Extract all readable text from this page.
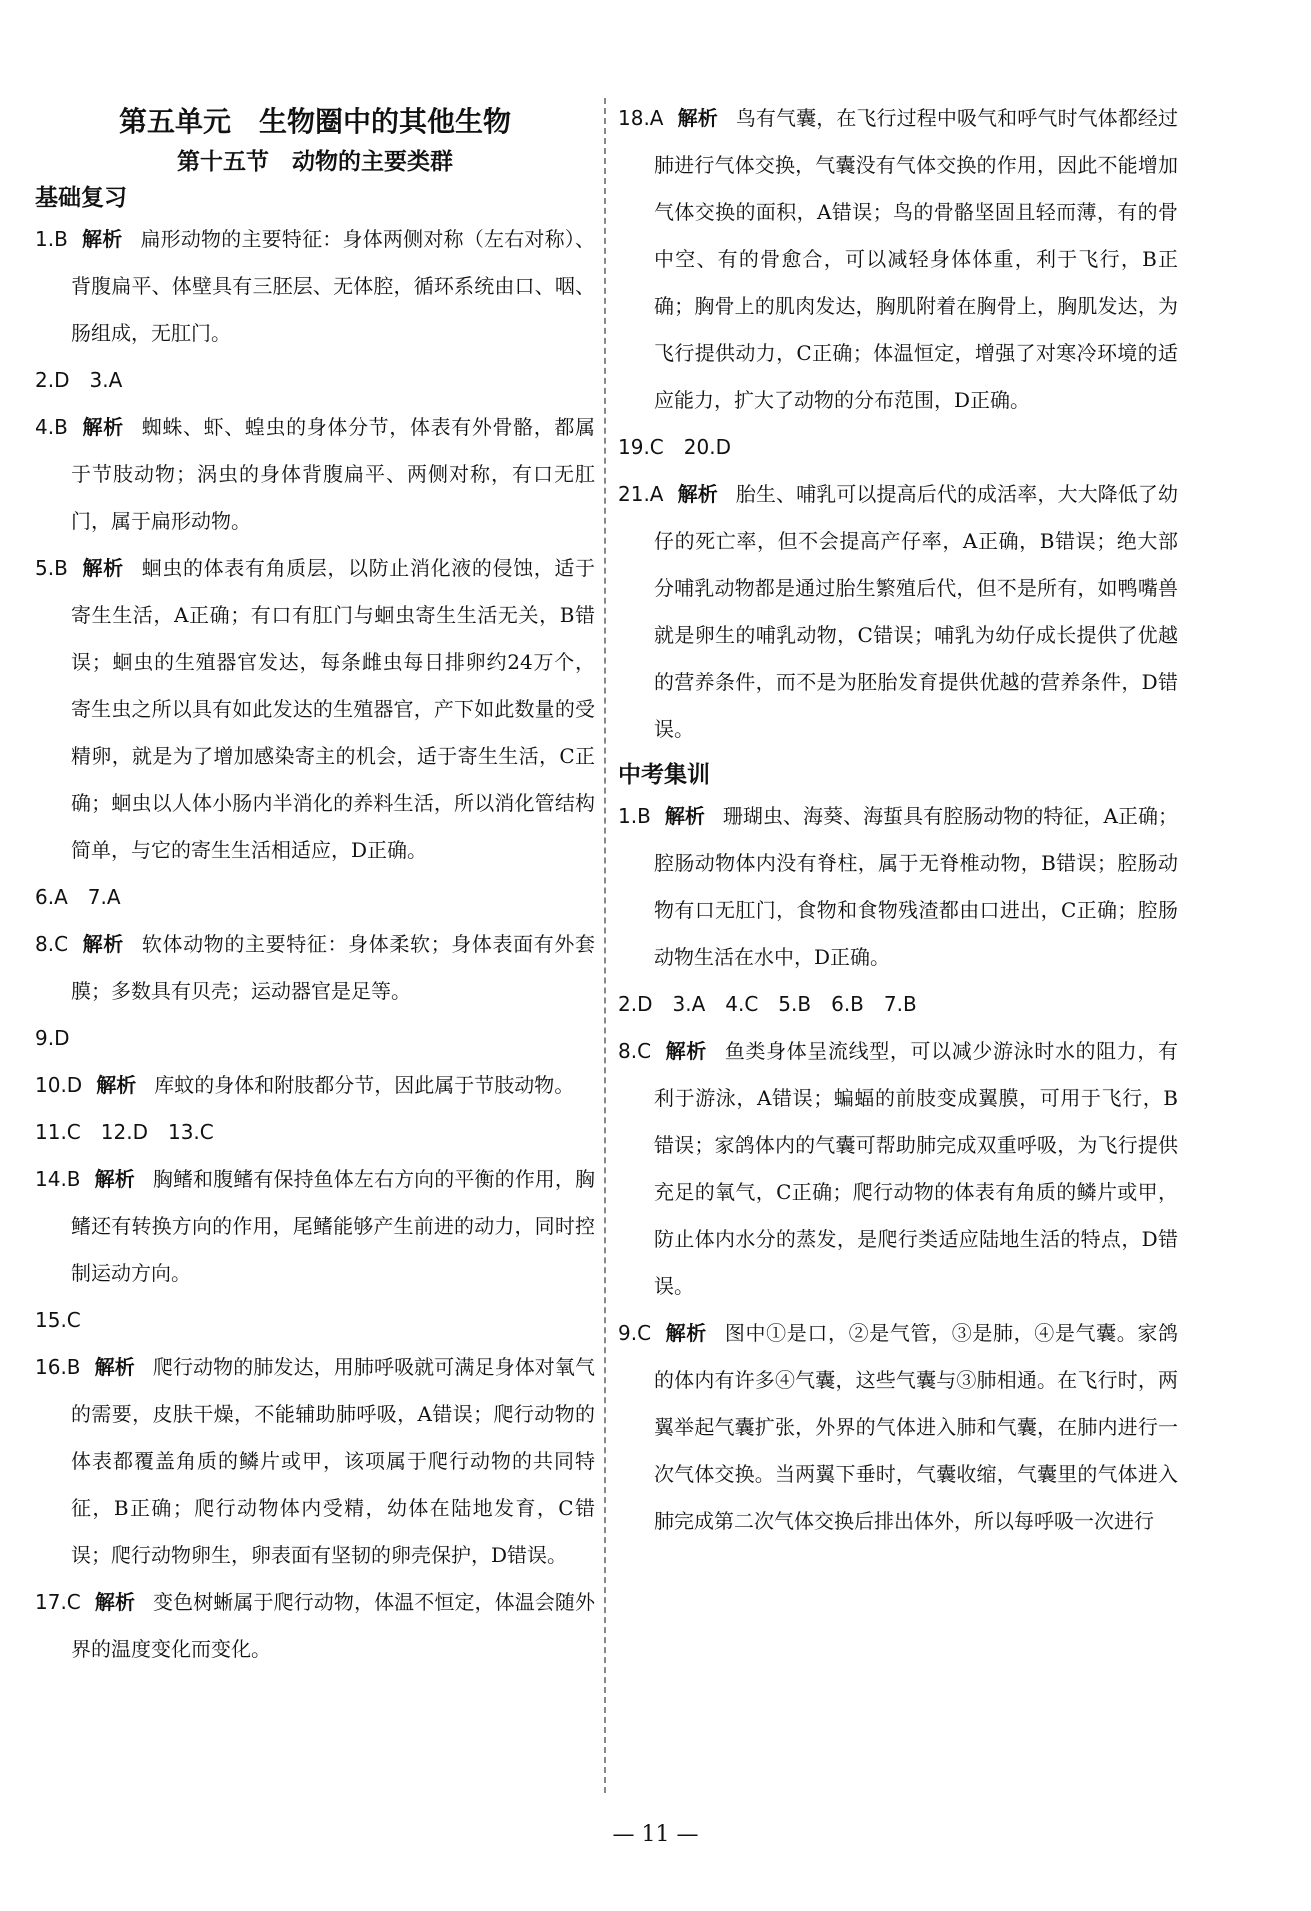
第五单元　生物圈中的其他生物
第十五节　动物的主要类群
基础复习
1.B 解析 扁形动物的主要特征：身体两侧对称（左右对称）、背腹扁平、体壁具有三胚层、无体腔，循环系统由口、咽、肠组成，无肛门。
2.D　3.A
4.B 解析 蜘蛛、虾、蝗虫的身体分节，体表有外骨骼，都属于节肢动物；涡虫的身体背腹扁平、两侧对称，有口无肛门，属于扁形动物。
5.B 解析 蛔虫的体表有角质层，以防止消化液的侵蚀，适于寄生生活，A正确；有口有肛门与蛔虫寄生生活无关，B错误；蛔虫的生殖器官发达，每条雌虫每日排卵约24万个，寄生虫之所以具有如此发达的生殖器官，产下如此数量的受精卵，就是为了增加感染寄主的机会，适于寄生生活，C正确；蛔虫以人体小肠内半消化的养料生活，所以消化管结构简单，与它的寄生生活相适应，D正确。
6.A　7.A
8.C 解析 软体动物的主要特征：身体柔软；身体表面有外套膜；多数具有贝壳；运动器官是足等。
9.D
10.D 解析 库蚊的身体和附肢都分节，因此属于节肢动物。
11.C　12.D　13.C
14.B 解析 胸鳍和腹鳍有保持鱼体左右方向的平衡的作用，胸鳍还有转换方向的作用，尾鳍能够产生前进的动力，同时控制运动方向。
15.C
16.B 解析 爬行动物的肺发达，用肺呼吸就可满足身体对氧气的需要，皮肤干燥，不能辅助肺呼吸，A错误；爬行动物的体表都覆盖角质的鳞片或甲，该项属于爬行动物的共同特征，B正确；爬行动物体内受精，幼体在陆地发育，C错误；爬行动物卵生，卵表面有坚韧的卵壳保护，D错误。
17.C 解析 变色树蜥属于爬行动物，体温不恒定，体温会随外界的温度变化而变化。
18.A 解析 鸟有气囊，在飞行过程中吸气和呼气时气体都经过肺进行气体交换，气囊没有气体交换的作用，因此不能增加气体交换的面积，A错误；鸟的骨骼坚固且轻而薄，有的骨中空、有的骨愈合，可以减轻身体体重，利于飞行，B正确；胸骨上的肌肉发达，胸肌附着在胸骨上，胸肌发达，为飞行提供动力，C正确；体温恒定，增强了对寒冷环境的适应能力，扩大了动物的分布范围，D正确。
19.C　20.D
21.A 解析 胎生、哺乳可以提高后代的成活率，大大降低了幼仔的死亡率，但不会提高产仔率，A正确，B错误；绝大部分哺乳动物都是通过胎生繁殖后代，但不是所有，如鸭嘴兽就是卵生的哺乳动物，C错误；哺乳为幼仔成长提供了优越的营养条件，而不是为胚胎发育提供优越的营养条件，D错误。
中考集训
1.B 解析 珊瑚虫、海葵、海蜇具有腔肠动物的特征，A正确；腔肠动物体内没有脊柱，属于无脊椎动物，B错误；腔肠动物有口无肛门，食物和食物残渣都由口进出，C正确；腔肠动物生活在水中，D正确。
2.D　3.A　4.C　5.B　6.B　7.B
8.C 解析 鱼类身体呈流线型，可以减少游泳时水的阻力，有利于游泳，A错误；蝙蝠的前肢变成翼膜，可用于飞行，B错误；家鸽体内的气囊可帮助肺完成双重呼吸，为飞行提供充足的氧气，C正确；爬行动物的体表有角质的鳞片或甲，防止体内水分的蒸发，是爬行类适应陆地生活的特点，D错误。
9.C 解析 图中①是口，②是气管，③是肺，④是气囊。家鸽的体内有许多④气囊，这些气囊与③肺相通。在飞行时，两翼举起气囊扩张，外界的气体进入肺和气囊，在肺内进行一次气体交换。当两翼下垂时，气囊收缩，气囊里的气体进入肺完成第二次气体交换后排出体外，所以每呼吸一次进行
— 11 —
